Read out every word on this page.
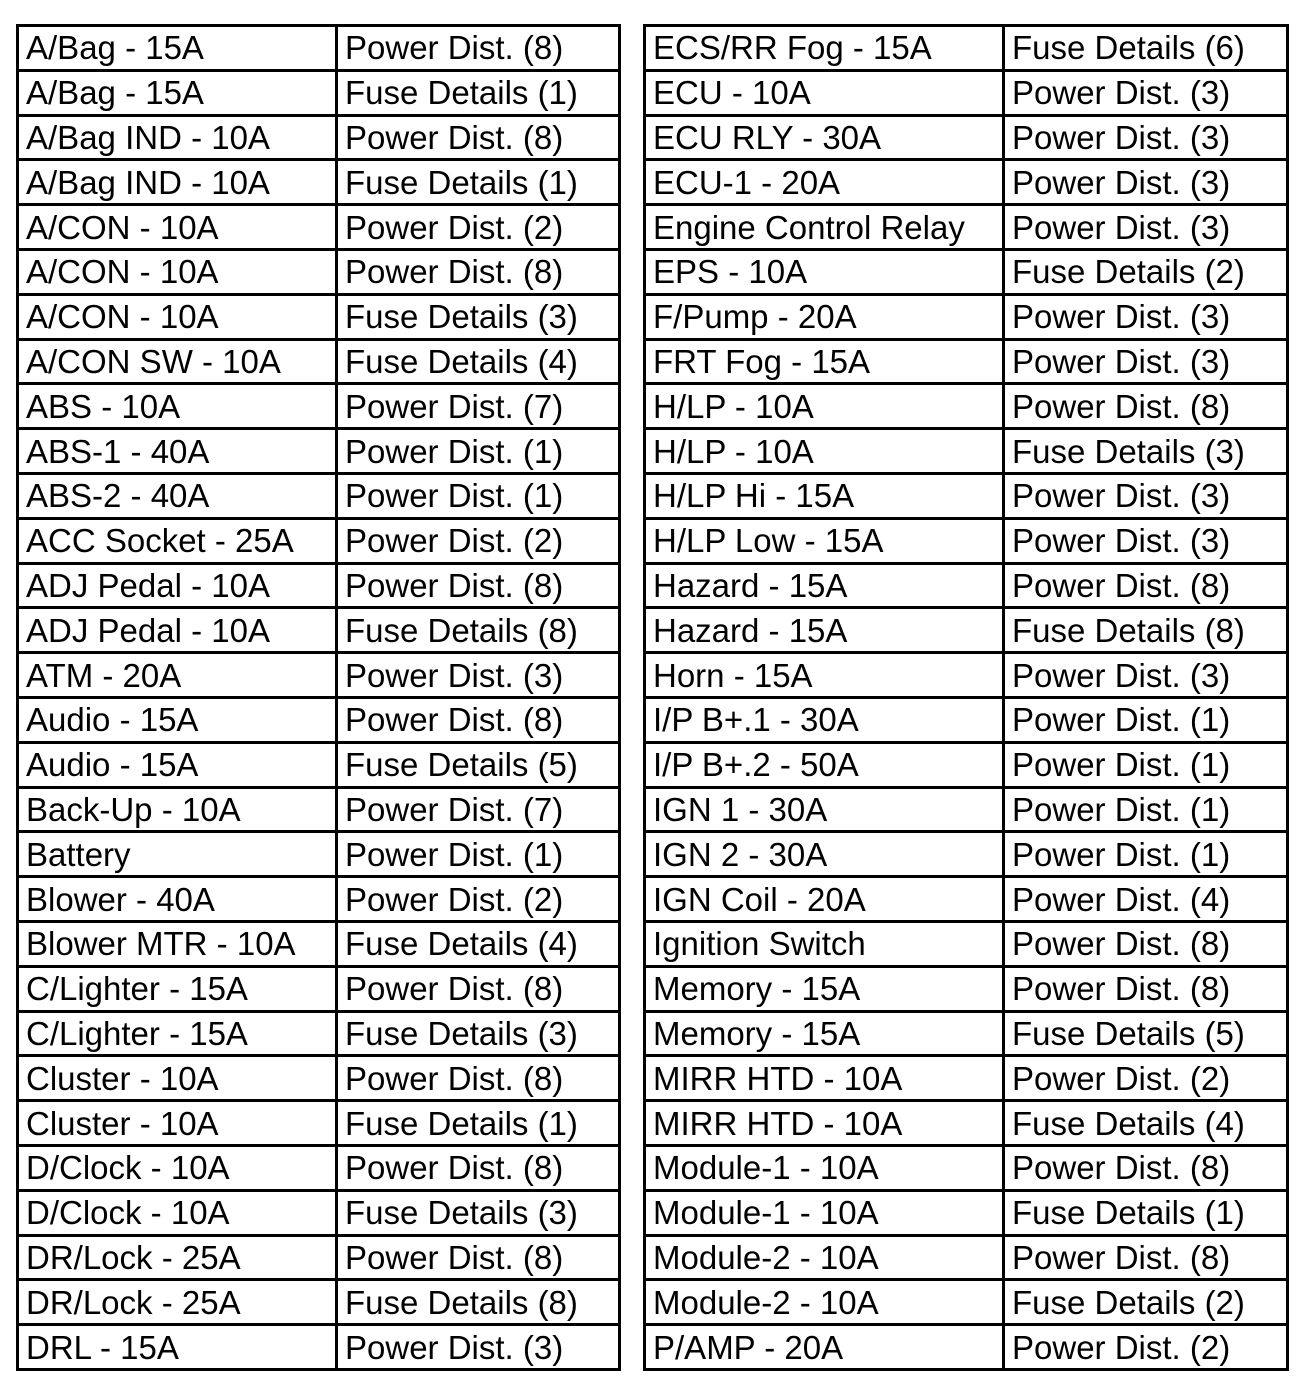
A/Bag - 15A	Power Dist. (8)
A/Bag - 15A	Fuse Details (1)
A/Bag IND - 10A	Power Dist. (8)
A/Bag IND - 10A	Fuse Details (1)
A/CON - 10A	Power Dist. (2)
A/CON - 10A	Power Dist. (8)
A/CON - 10A	Fuse Details (3)
A/CON SW - 10A	Fuse Details (4)
ABS - 10A	Power Dist. (7)
ABS-1 - 40A	Power Dist. (1)
ABS-2 - 40A	Power Dist. (1)
ACC Socket - 25A	Power Dist. (2)
ADJ Pedal - 10A	Power Dist. (8)
ADJ Pedal - 10A	Fuse Details (8)
ATM - 20A	Power Dist. (3)
Audio - 15A	Power Dist. (8)
Audio - 15A	Fuse Details (5)
Back-Up - 10A	Power Dist. (7)
Battery	Power Dist. (1)
Blower - 40A	Power Dist. (2)
Blower MTR - 10A	Fuse Details (4)
C/Lighter - 15A	Power Dist. (8)
C/Lighter - 15A	Fuse Details (3)
Cluster - 10A	Power Dist. (8)
Cluster - 10A	Fuse Details (1)
D/Clock - 10A	Power Dist. (8)
D/Clock - 10A	Fuse Details (3)
DR/Lock - 25A	Power Dist. (8)
DR/Lock - 25A	Fuse Details (8)
DRL - 15A	Power Dist. (3)
ECS/RR Fog - 15A	Fuse Details (6)
ECU - 10A	Power Dist. (3)
ECU RLY - 30A	Power Dist. (3)
ECU-1 - 20A	Power Dist. (3)
Engine Control Relay	Power Dist. (3)
EPS - 10A	Fuse Details (2)
F/Pump - 20A	Power Dist. (3)
FRT Fog - 15A	Power Dist. (3)
H/LP - 10A	Power Dist. (8)
H/LP - 10A	Fuse Details (3)
H/LP Hi - 15A	Power Dist. (3)
H/LP Low - 15A	Power Dist. (3)
Hazard - 15A	Power Dist. (8)
Hazard - 15A	Fuse Details (8)
Horn - 15A	Power Dist. (3)
I/P B+.1 - 30A	Power Dist. (1)
I/P B+.2 - 50A	Power Dist. (1)
IGN 1 - 30A	Power Dist. (1)
IGN 2 - 30A	Power Dist. (1)
IGN Coil - 20A	Power Dist. (4)
Ignition Switch	Power Dist. (8)
Memory - 15A	Power Dist. (8)
Memory - 15A	Fuse Details (5)
MIRR HTD - 10A	Power Dist. (2)
MIRR HTD - 10A	Fuse Details (4)
Module-1 - 10A	Power Dist. (8)
Module-1 - 10A	Fuse Details (1)
Module-2 - 10A	Power Dist. (8)
Module-2 - 10A	Fuse Details (2)
P/AMP - 20A	Power Dist. (2)
